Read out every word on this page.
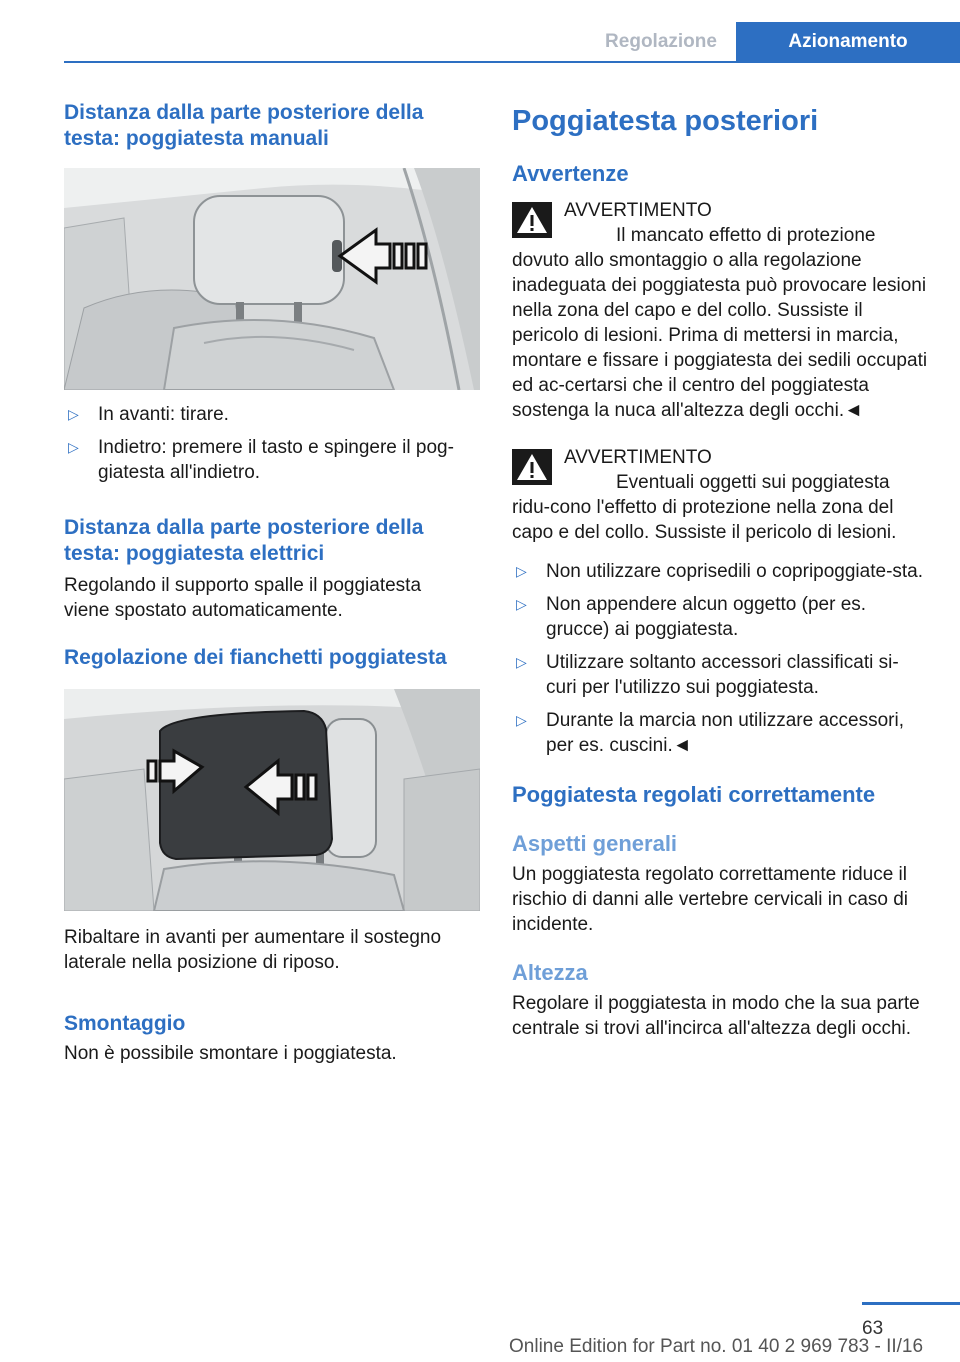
Regolazione	Azionamento
Distanza dalla parte posteriore della testa: poggiatesta manuali
▷ In avanti: tirare.
▷ Indietro: premere il tasto e spingere il pog-giatesta all'indietro.
Distanza dalla parte posteriore della testa: poggiatesta elettrici
Regolando il supporto spalle il poggiatesta viene spostato automaticamente.
Regolazione dei fianchetti poggiatesta
Ribaltare in avanti per aumentare il sostegno laterale nella posizione di riposo.
Smontaggio
Non è possibile smontare i poggiatesta.
Poggiatesta posteriori
Avvertenze
AVVERTIMENTO
Il mancato effetto di protezione dovuto allo smontaggio o alla regolazione inadeguata dei poggiatesta può provocare lesioni nella zona del capo e del collo. Sussiste il pericolo di lesioni. Prima di mettersi in marcia, montare e fissare i poggiatesta dei sedili occupati ed ac-certarsi che il centro del poggiatesta sostenga la nuca all'altezza degli occhi.◄
AVVERTIMENTO
Eventuali oggetti sui poggiatesta ridu-cono l'effetto di protezione nella zona del capo e del collo. Sussiste il pericolo di lesioni.
▷ Non utilizzare coprisedili o copripoggiate-sta.
▷ Non appendere alcun oggetto (per es. grucce) ai poggiatesta.
▷ Utilizzare soltanto accessori classificati si-curi per l'utilizzo sui poggiatesta.
▷ Durante la marcia non utilizzare accessori, per es. cuscini.◄
Poggiatesta regolati correttamente
Aspetti generali
Un poggiatesta regolato correttamente riduce il rischio di danni alle vertebre cervicali in caso di incidente.
Altezza
Regolare il poggiatesta in modo che la sua parte centrale si trovi all'incirca all'altezza degli occhi.
63
Online Edition for Part no. 01 40 2 969 783 - II/16
